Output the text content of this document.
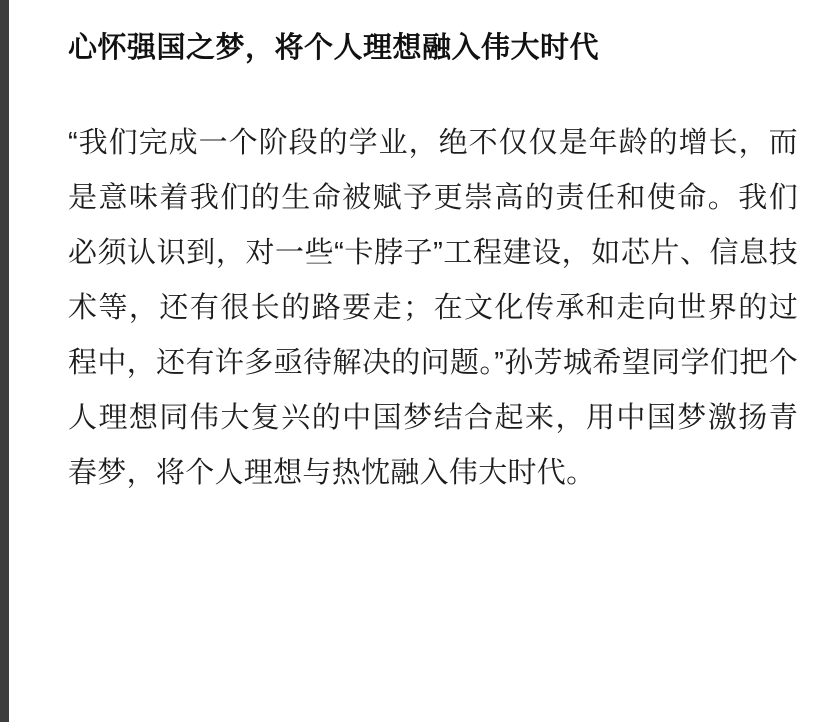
心怀强国之梦，将个人理想融入伟大时代

“我们完成一个阶段的学业，绝不仅仅是年龄的增长，而是意味着我们的生命被赋予更崇高的责任和使命。我们必须认识到，对一些“卡脖子”工程建设，如芯片、信息技术等，还有很长的路要走；在文化传承和走向世界的过程中，还有许多亟待解决的问题。”孙芳城希望同学们把个人理想同伟大复兴的中国梦结合起来，用中国梦激扬青春梦，将个人理想与热忱融入伟大时代。
